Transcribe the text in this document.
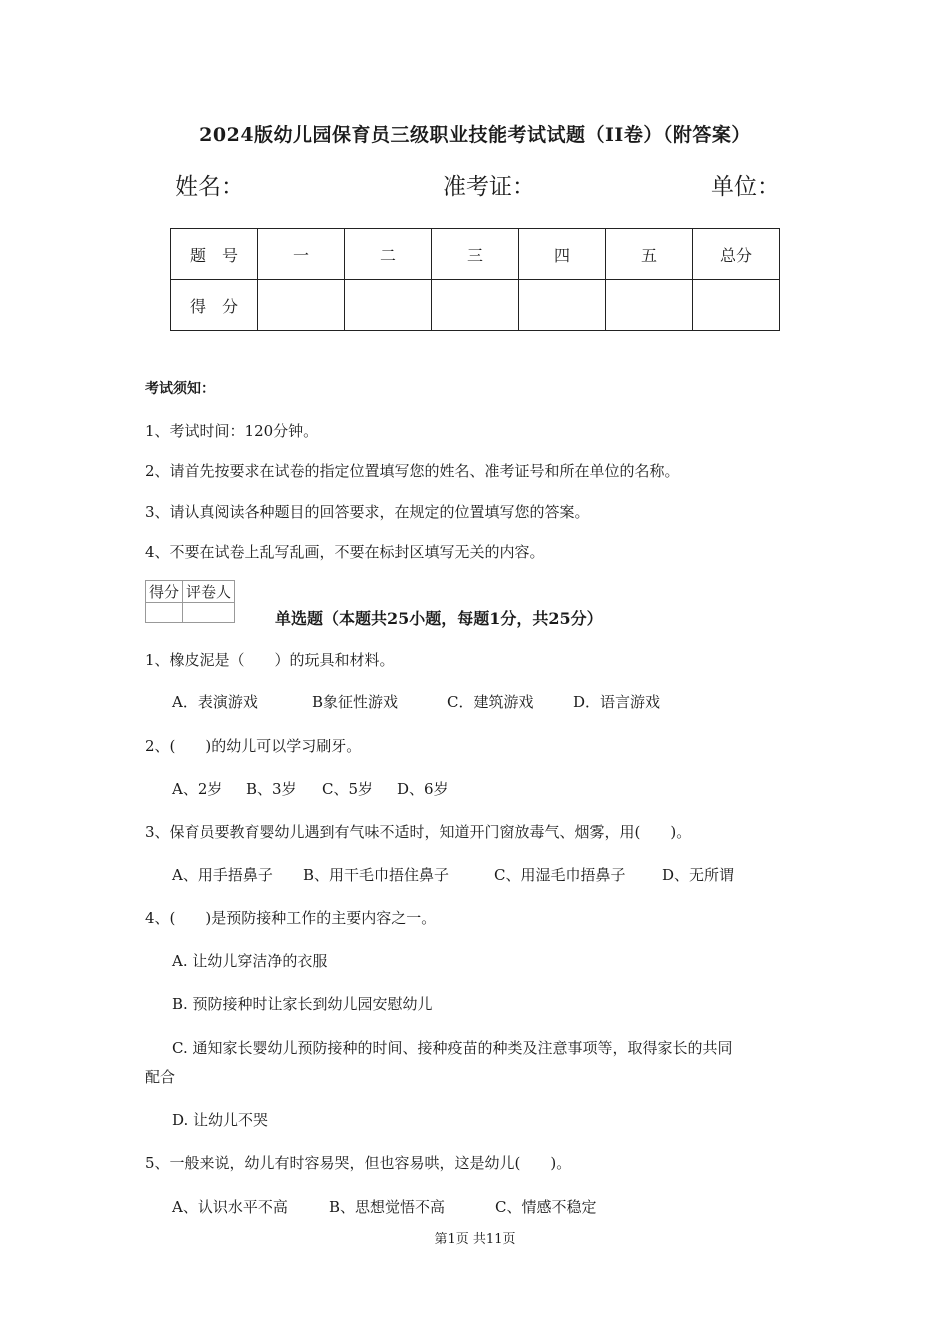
2024版幼儿园保育员三级职业技能考试试题（II卷）（附答案）
姓名：	准考证：	单位：
题　号	一	二	三	四	五	总分
得　分						
考试须知：
1、考试时间：120分钟。
2、请首先按要求在试卷的指定位置填写您的姓名、准考证号和所在单位的名称。
3、请认真阅读各种题目的回答要求，在规定的位置填写您的答案。
4、不要在试卷上乱写乱画，不要在标封区填写无关的内容。
得分	评卷人

单选题（本题共25小题，每题1分，共25分）
1、橡皮泥是（　　）的玩具和材料。
A．表演游戏	B象征性游戏	C．建筑游戏	D．语言游戏
2、(　　)的幼儿可以学习刷牙。
A、2岁 B、3岁 C、5岁 D、6岁
3、保育员要教育婴幼儿遇到有气味不适时，知道开门窗放毒气、烟雾，用(　　)。
A、用手捂鼻子 B、用干毛巾捂住鼻子	C、用湿毛巾捂鼻子 D、无所谓
4、(　　)是预防接种工作的主要内容之一。
A. 让幼儿穿洁净的衣服
B. 预防接种时让家长到幼儿园安慰幼儿
C. 通知家长婴幼儿预防接种的时间、接种疫苗的种类及注意事项等，取得家长的共同
配合
D. 让幼儿不哭
5、一般来说，幼儿有时容易哭，但也容易哄，这是幼儿(　　)。
A、认识水平不高	B、思想觉悟不高	C、情感不稳定
第1页 共11页
